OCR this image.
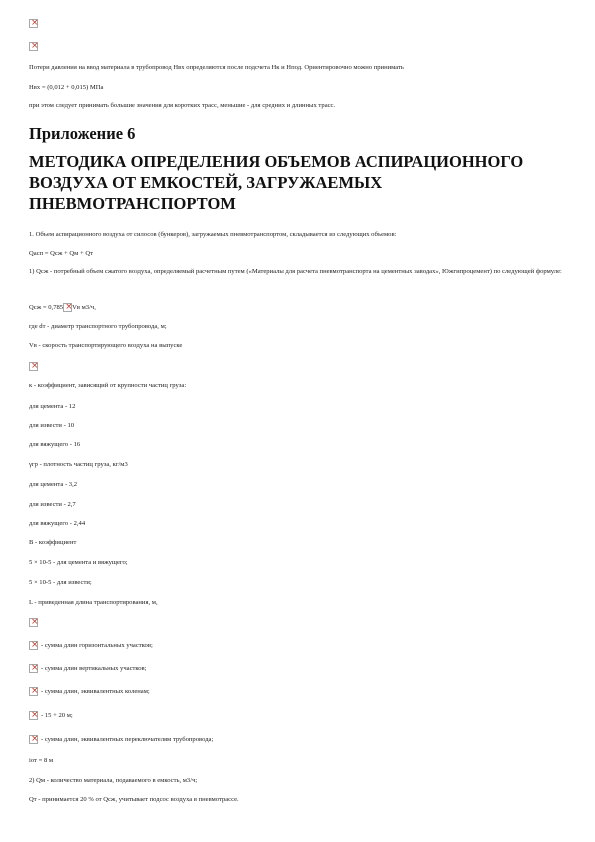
×
×
Потери давления на ввод материала в трубопровод Нвх определяются после подсчета Нк и Нпод. Ориентировочно можно принимать
Нвх = (0,012 + 0,015) МПа
при этом следует принимать большие значения для коротких трасс, меньшие - для средних и длинных трасс.
Приложение 6
МЕТОДИКА ОПРЕДЕЛЕНИЯ ОБЪЕМОВ АСПИРАЦИОННОГО ВОЗДУХА ОТ ЕМКОСТЕЙ, ЗАГРУЖАЕМЫХ ПНЕВМОТРАНСПОРТОМ
1. Объем аспирационного воздуха от силосов (бункеров), загружаемых пневмотранспортом, складывается из следующих объемов:
Qасп = Qсж + Qм + Qт
1) Qсж - потребный объем сжатого воздуха, определяемый расчетным путем («Материалы для расчета пневмотранспорта на цементных заводах», Южгипроцемент) по следующей формуле:
Qсж = 0,785× Vв м3/ч,
где dт - диаметр транспортного трубопровода, м;
Vв - скорость транспортирующего воздуха на выпуске
×
к - коэффициент, зависящий от крупности частиц груза:
для цемента - 12
для извести - 10
для вяжущего - 16
γгр - плотность частиц груза, кг/м3
для цемента - 3,2
для извести - 2,7
для вяжущего - 2,44
В - коэффициент
5 × 10-5 - для цемента и вяжущего;
5 × 10-5 - для извести;
L - приведенная длина транспортирования, м,
×
×- сумма длин горизонтальных участков;
×- сумма длин вертикальных участков;
×- сумма длин, эквивалентных коленам;
×- 15 + 20 м;
×- сумма длин, эквивалентных переключателям трубопровода;
iот = 8 м
2) Qм - количество материала, подаваемого в емкость, м3/ч;
Qт - принимается 20 % от Qсж, учитывает подсос воздуха в пневмотрассе.
